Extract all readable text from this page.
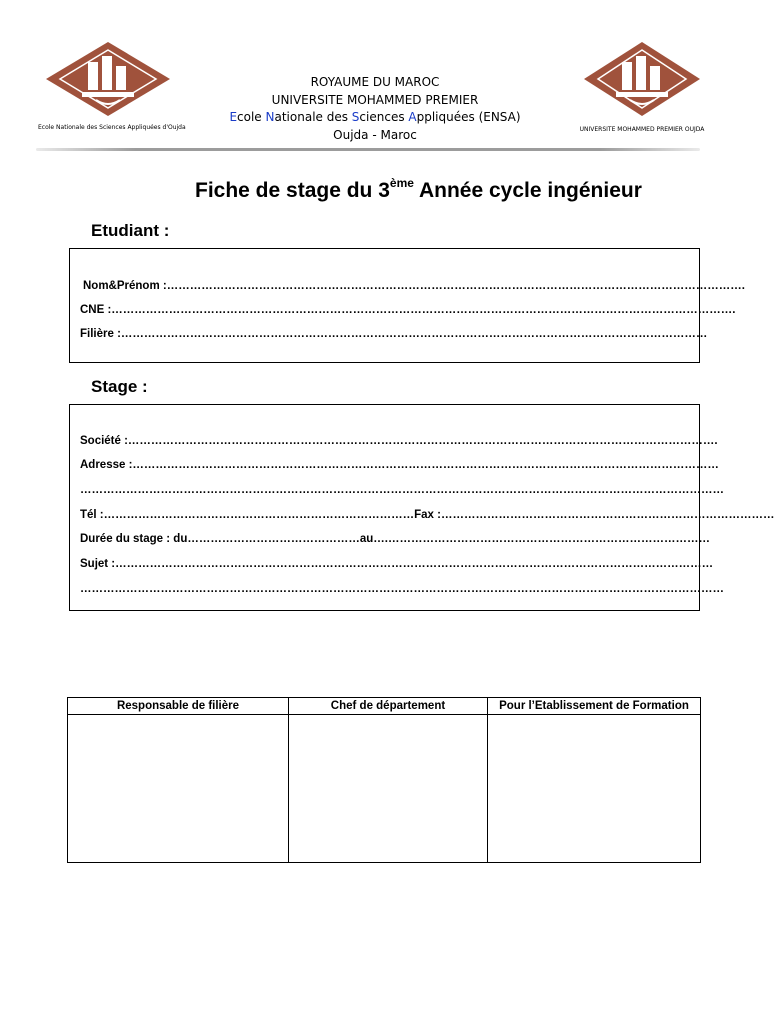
Ecole Nationale des Sciences Appliquées d'Oujda	UNIVERSITE MOHAMMED PREMIER OUJDA
ROYAUME DU MAROC
UNIVERSITE MOHAMMED PREMIER
Ecole Nationale des Sciences Appliquées (ENSA)
Oujda - Maroc
Fiche de stage du 3ème Année cycle ingénieur
Etudiant :
Nom&Prénom :…………………………………………………………………………………………………………………………………….
CNE :……………………………………………………………………………………………………………………………………………….
Filière :………………………………………………………………………………………………………………………………………
Stage :
Société :……………………………………………………………………………………………………………………………………….
Adresse :………………………………………………………………………………………………………………………………………
……………………………………………………………………………………………………………………………………………………
Tél :………………………………………………………………………Fax :……………………………………………………………………………
Durée du stage : du………………………………………au….…………………………………………………………………………
Sujet :…………………………………………………………………………………………………………………………………………
……………………………………………………………………………………………………………………………………………………
Responsable de filière	Chef de département	Pour l’Etablissement de Formation
